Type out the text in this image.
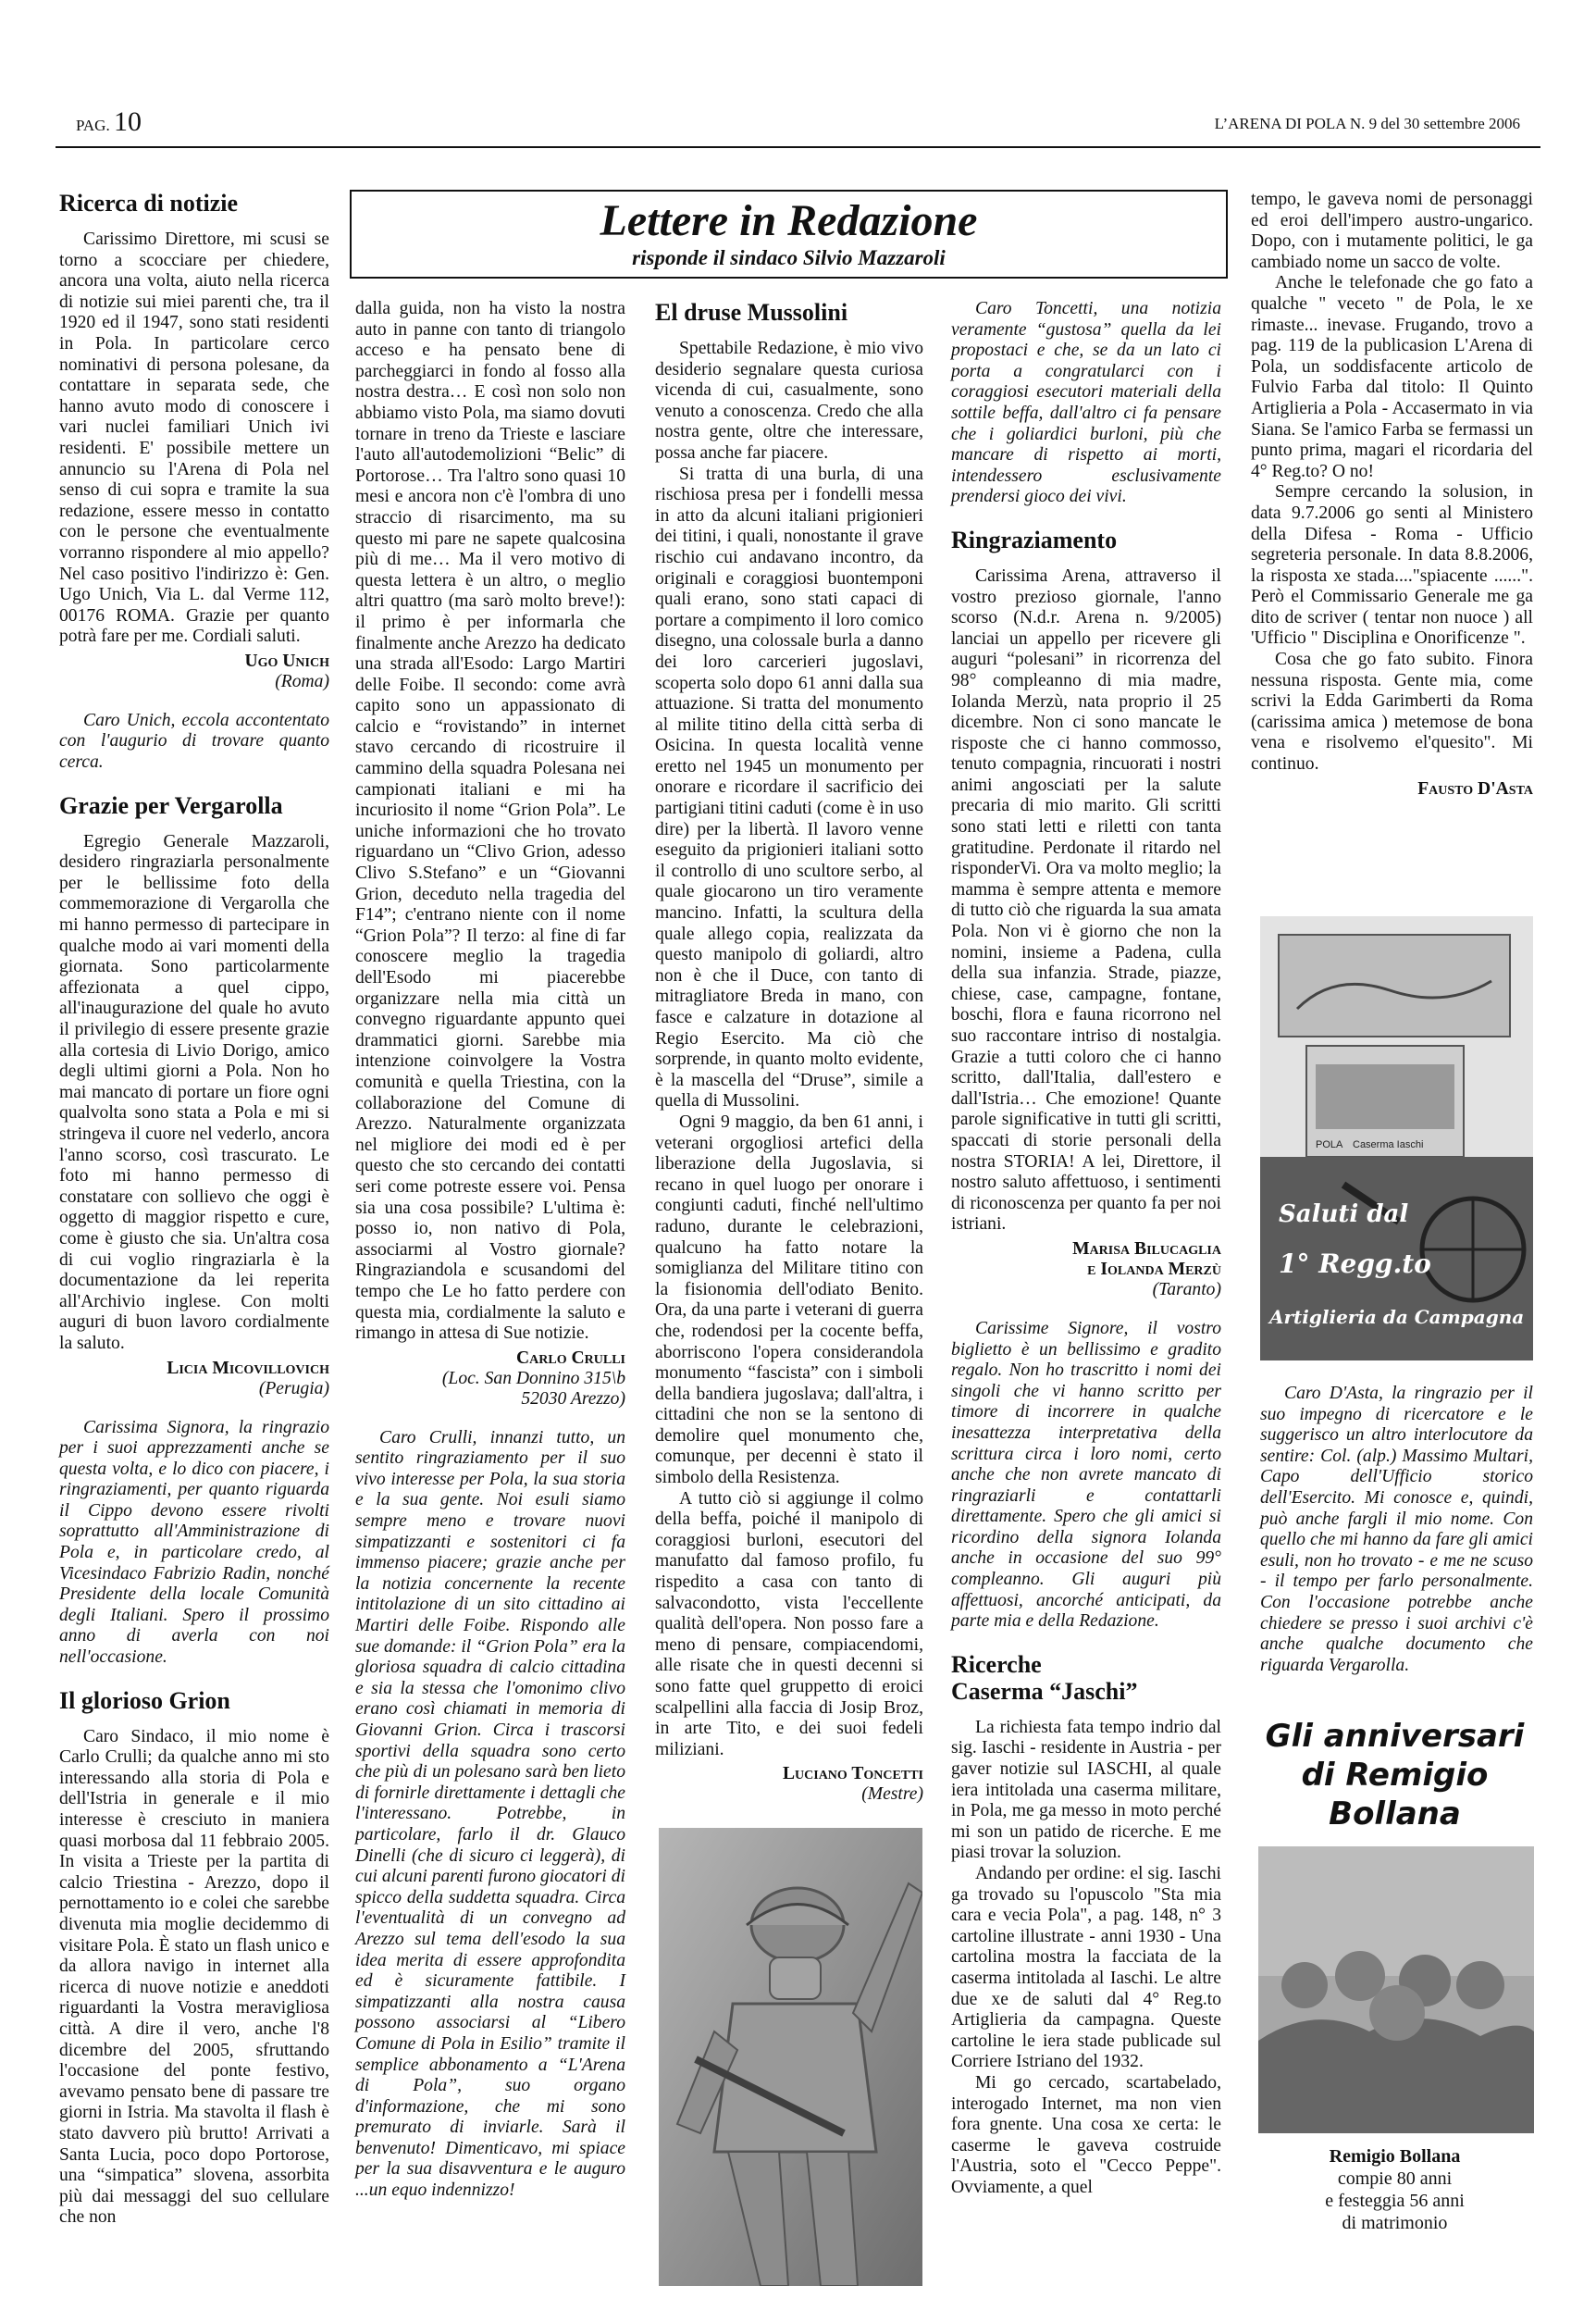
PAG. 10	L’ARENA DI POLA N. 9 del 30 settembre 2006
Lettere in Redazione
risponde il sindaco Silvio Mazzaroli
Ricerca di notizie

Carissimo Direttore, mi scusi se torno a scocciare per chiedere, ancora una volta, aiuto nella ricerca di notizie sui miei parenti che, tra il 1920 ed il 1947, sono stati residenti in Pola. In particolare cerco nominativi di persona polesane, da contattare in separata sede, che hanno avuto modo di conoscere i vari nuclei familiari Unich ivi residenti. E' possibile mettere un annuncio su l'Arena di Pola nel senso di cui sopra e tramite la sua redazione, essere messo in contatto con le persone che eventualmente vorranno rispondere al mio appello? Nel caso positivo l'indirizzo è: Gen. Ugo Unich, Via L. dal Verme 112, 00176 ROMA. Grazie per quanto potrà fare per me. Cordiali saluti.

Ugo Unich
(Roma)

Caro Unich, eccola accontentato con l'augurio di trovare quanto cerca.

Grazie per Vergarolla

Egregio Generale Mazzaroli, desidero ringraziarla personalmente per le bellissime foto della commemorazione di Vergarolla che mi hanno permesso di partecipare in qualche modo ai vari momenti della giornata. Sono particolarmente affezionata a quel cippo, all'inaugurazione del quale ho avuto il privilegio di essere presente grazie alla cortesia di Livio Dorigo, amico degli ultimi giorni a Pola. Non ho mai mancato di portare un fiore ogni qualvolta sono stata a Pola e mi si stringeva il cuore nel vederlo, ancora l'anno scorso, così trascurato. Le foto mi hanno permesso di constatare con sollievo che oggi è oggetto di maggior rispetto e cure, come è giusto che sia. Un'altra cosa di cui voglio ringraziarla è la documentazione da lei reperita all'Archivio inglese. Con molti auguri di buon lavoro cordialmente la saluto.

Licia Micovillovich
(Perugia)

Carissima Signora, la ringrazio per i suoi apprezzamenti anche se questa volta, e lo dico con piacere, i ringraziamenti, per quanto riguarda il Cippo devono essere rivolti soprattutto all'Amministrazione di Pola e, in particolare credo, al Vicesindaco Fabrizio Radin, nonché Presidente della locale Comunità degli Italiani. Spero il prossimo anno di averla con noi nell'occasione.

Il glorioso Grion

Caro Sindaco, il mio nome è Carlo Crulli; da qualche anno mi sto interessando alla storia di Pola e dell'Istria in generale e il mio interesse è cresciuto in maniera quasi morbosa dal 11 febbraio 2005. In visita a Trieste per la partita di calcio Triestina - Arezzo, dopo il pernottamento io e colei che sarebbe divenuta mia moglie decidemmo di visitare Pola. È stato un flash unico e da allora navigo in internet alla ricerca di nuove notizie e aneddoti riguardanti la Vostra meravigliosa città. A dire il vero, anche l'8 dicembre del 2005, sfruttando l'occasione del ponte festivo, avevamo pensato bene di passare tre giorni in Istria. Ma stavolta il flash è stato davvero più brutto! Arrivati a Santa Lucia, poco dopo Portorose, una “simpatica” slovena, assorbita più dai messaggi del suo cellulare che non

dalla guida, non ha visto la nostra auto in panne con tanto di triangolo acceso e ha pensato bene di parcheggiarci in fondo al fosso alla nostra destra… E così non solo non abbiamo visto Pola, ma siamo dovuti tornare in treno da Trieste e lasciare l'auto all'autodemolizioni “Belic” di Portorose… Tra l'altro sono quasi 10 mesi e ancora non c'è l'ombra di uno straccio di risarcimento, ma su questo mi pare ne sapete qualcosina più di me… Ma il vero motivo di questa lettera è un altro, o meglio altri quattro (ma sarò molto breve!): il primo è per informarla che finalmente anche Arezzo ha dedicato una strada all'Esodo: Largo Martiri delle Foibe. Il secondo: come avrà capito sono un appassionato di calcio e “rovistando” in internet stavo cercando di ricostruire il cammino della squadra Polesana nei campionati italiani e mi ha incuriosito il nome “Grion Pola”. Le uniche informazioni che ho trovato riguardano un “Clivo Grion, adesso Clivo S.Stefano” e un “Giovanni Grion, deceduto nella tragedia del F14”; c'entrano niente con il nome “Grion Pola”? Il terzo: al fine di far conoscere meglio la tragedia dell'Esodo mi piacerebbe organizzare nella mia città un convegno riguardante appunto quei drammatici giorni. Sarebbe mia intenzione coinvolgere la Vostra comunità e quella Triestina, con la collaborazione del Comune di Arezzo. Naturalmente organizzata nel migliore dei modi ed è per questo che sto cercando dei contatti seri come potreste essere voi. Pensa sia una cosa possibile? L'ultima è: posso io, non nativo di Pola, associarmi al Vostro giornale? Ringraziandola e scusandomi del tempo che Le ho fatto perdere con questa mia, cordialmente la saluto e rimango in attesa di Sue notizie.

Carlo Crulli
(Loc. San Donnino 315\b
52030 Arezzo)

Caro Crulli, innanzi tutto, un sentito ringraziamento per il suo vivo interesse per Pola, la sua storia e la sua gente. Noi esuli siamo sempre meno e trovare nuovi simpatizzanti e sostenitori ci fa immenso piacere; grazie anche per la notizia concernente la recente intitolazione di un sito cittadino ai Martiri delle Foibe. Rispondo alle sue domande: il “Grion Pola” era la gloriosa squadra di calcio cittadina e sia la stessa che l'omonimo clivo erano così chiamati in memoria di Giovanni Grion. Circa i trascorsi sportivi della squadra sono certo che più di un polesano sarà ben lieto di fornirle direttamente i dettagli che l'interessano. Potrebbe, in particolare, farlo il dr. Glauco Dinelli (che di sicuro ci leggerà), di cui alcuni parenti furono giocatori di spicco della suddetta squadra. Circa l'eventualità di un convegno ad Arezzo sul tema dell'esodo la sua idea merita di essere approfondita ed è sicuramente fattibile. I simpatizzanti alla nostra causa possono associarsi al “Libero Comune di Pola in Esilio” tramite il semplice abbonamento a “L'Arena di Pola”, suo organo d'informazione, che mi sono premurato di inviarle. Sarà il benvenuto! Dimenticavo, mi spiace per la sua disavventura e le auguro ...un equo indennizzo!

El druse Mussolini

Spettabile Redazione, è mio vivo desiderio segnalare questa curiosa vicenda di cui, casualmente, sono venuto a conoscenza. Credo che alla nostra gente, oltre che interessare, possa anche far piacere.

Si tratta di una burla, di una rischiosa presa per i fondelli messa in atto da alcuni italiani prigionieri dei titini, i quali, nonostante il grave rischio cui andavano incontro, da originali e coraggiosi buontemponi quali erano, sono stati capaci di portare a compimento il loro comico disegno, una colossale burla a danno dei loro carcerieri jugoslavi, scoperta solo dopo 61 anni dalla sua attuazione. Si tratta del monumento al milite titino della città serba di Osicina. In questa località venne eretto nel 1945 un monumento per onorare e ricordare il sacrificio dei partigiani titini caduti (come è in uso dire) per la libertà. Il lavoro venne eseguito da prigionieri italiani sotto il controllo di uno scultore serbo, al quale giocarono un tiro veramente mancino. Infatti, la scultura della quale allego copia, realizzata da questo manipolo di goliardi, altro non è che il Duce, con tanto di mitragliatore Breda in mano, con fasce e calzature in dotazione al Regio Esercito. Ma ciò che sorprende, in quanto molto evidente, è la mascella del “Druse”, simile a quella di Mussolini.

Ogni 9 maggio, da ben 61 anni, i veterani orgogliosi artefici della liberazione della Jugoslavia, si recano in quel luogo per onorare i congiunti caduti, finché nell'ultimo raduno, durante le celebrazioni, qualcuno ha fatto notare la somiglianza del Militare titino con la fisionomia dell'odiato Benito. Ora, da una parte i veterani di guerra che, rodendosi per la cocente beffa, aborriscono l'opera considerandola monumento “fascista” con i simboli della bandiera jugoslava; dall'altra, i cittadini che non se la sentono di demolire quel monumento che, comunque, per decenni è stato il simbolo della Resistenza.

A tutto ciò si aggiunge il colmo della beffa, poiché il manipolo di coraggiosi burloni, esecutori del manufatto dal famoso profilo, fu rispedito a casa con tanto di salvacondotto, vista l'eccellente qualità dell'opera. Non posso fare a meno di pensare, compiacendomi, alle risate che in questi decenni si sono fatte quel gruppetto di eroici scalpellini alla faccia di Josip Broz, in arte Tito, e dei suoi fedeli miliziani.

Luciano Toncetti
(Mestre)

Caro Toncetti, una notizia veramente “gustosa” quella da lei propostaci e che, se da un lato ci porta a congratularci con i coraggiosi esecutori materiali della sottile beffa, dall'altro ci fa pensare che i goliardici burloni, più che mancare di rispetto ai morti, intendessero esclusivamente prendersi gioco dei vivi.

Ringraziamento

Carissima Arena, attraverso il vostro prezioso giornale, l'anno scorso (N.d.r. Arena n. 9/2005) lanciai un appello per ricevere gli auguri “polesani” in ricorrenza del 98° compleanno di mia madre, Iolanda Merzù, nata proprio il 25 dicembre. Non ci sono mancate le risposte che ci hanno commosso, tenuto compagnia, rincuorati i nostri animi angosciati per la salute precaria di mio marito. Gli scritti sono stati letti e riletti con tanta gratitudine. Perdonate il ritardo nel risponderVi. Ora va molto meglio; la mamma è sempre attenta e memore di tutto ciò che riguarda la sua amata Pola. Non vi è giorno che non la nomini, insieme a Padena, culla della sua infanzia. Strade, piazze, chiese, case, campagne, fontane, boschi, flora e fauna ricorrono nel suo raccontare intriso di nostalgia. Grazie a tutti coloro che ci hanno scritto, dall'Italia, dall'estero e dall'Istria… Che emozione! Quante parole significative in tutti gli scritti, spaccati di storie personali della nostra STORIA! A lei, Direttore, il nostro saluto affettuoso, i sentimenti di riconoscenza per quanto fa per noi istriani.

Marisa Bilucaglia
e Iolanda Merzù
(Taranto)

Carissime Signore, il vostro biglietto è un bellissimo e gradito regalo. Non ho trascritto i nomi dei singoli che vi hanno scritto per timore di incorrere in qualche inesattezza interpretativa della scrittura circa i loro nomi, certo anche che non avrete mancato di ringraziarli e contattarli direttamente. Spero che gli amici si ricordino della signora Iolanda anche in occasione del suo 99° compleanno. Gli auguri più affettuosi, ancorché anticipati, da parte mia e della Redazione.

Ricerche
Caserma “Jaschi”

La richiesta fata tempo indrio dal sig. Iaschi - residente in Austria - per gaver notizie sul IASCHI, al quale iera intitolada una caserma militare, in Pola, me ga messo in moto perché mi son un patido de ricerche. E me piasi trovar la soluzion.

Andando per ordine: el sig. Iaschi ga trovado su l'opuscolo "Sta mia cara e vecia Pola", a pag. 148, n° 3 cartoline illustrate - anni 1930 - Una cartolina mostra la facciata de la caserma intitolada al Iaschi. Le altre due xe de saluti dal 4° Reg.to Artiglieria da campagna. Queste cartoline le iera stade publicade sul Corriere Istriano del 1932.

Mi go cercado, scartabelado, interogado Internet, ma non vien fora gnente. Una cosa xe certa: le caserme le gaveva costruide l'Austria, soto el "Cecco Peppe". Ovviamente, a quel

tempo, le gaveva nomi de personaggi ed eroi dell'impero austro-ungarico. Dopo, con i mutamente politici, le ga cambiado nome un sacco de volte.

Anche le telefonade che go fato a qualche " veceto " de Pola, le xe rimaste... inevase. Frugando, trovo a pag. 119 de la publicasion L'Arena di Pola, un soddisfacente articolo de Fulvio Farba dal titolo: Il Quinto Artiglieria a Pola - Accasermato in via Siana. Se l'amico Farba se fermassi un punto prima, magari el ricordaria del 4° Reg.to? O no!

Sempre cercando la solusion, in data 9.7.2006 go senti al Ministero della Difesa - Roma - Ufficio segreteria personale. In data 8.8.2006, la risposta xe stada...."spiacente ......". Però el Commissario Generale me ga dito de scriver ( tentar non nuoce ) all 'Ufficio " Disciplina e Onorificenze ".

Cosa che go fato subito. Finora nessuna risposta. Gente mia, come scrivi la Edda Garimberti da Roma (carissima amica ) metemose de bona vena e risolvemo el'quesito". Mi continuo.

Fausto D'Asta
POLA Caserma Iaschi
Saluti dal
1° Regg.to
Artiglieria da Campagna

Caro D'Asta, la ringrazio per il suo impegno di ricercatore e le suggerisco un altro interlocutore da sentire: Col. (alp.) Massimo Multari, Capo dell'Ufficio storico dell'Esercito. Mi conosce e, quindi, può anche fargli il mio nome. Con quello che mi hanno da fare gli amici esuli, non ho trovato - e me ne scuso - il tempo per farlo personalmente. Con l'occasione potrebbe anche chiedere se presso i suoi archivi c'è anche qualche documento che riguarda Vergarolla.

Gli anniversari di Remigio Bollana
Remigio Bollana
compie 80 anni
e festeggia 56 anni
di matrimonio
